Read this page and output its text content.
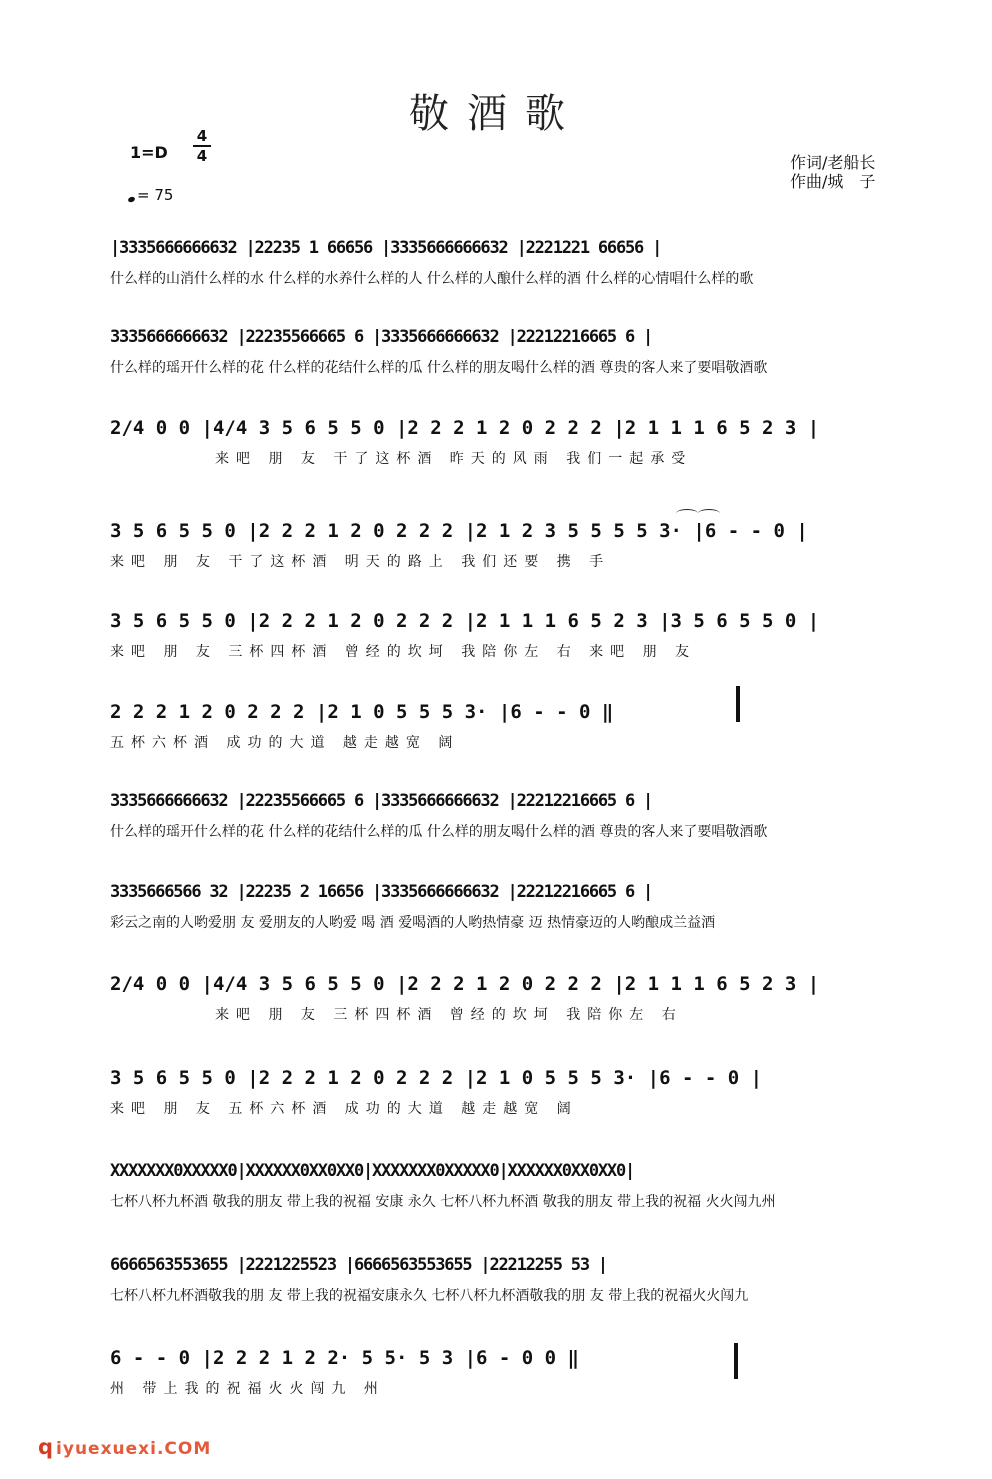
敬酒歌
1=D
4
4
= 75
作词/老船长
作曲/城　子
|3335666666632 |22235 1 66656 |3335666666632 |2221221 66656 |
什么样的山消什么样的水 什么样的水养什么样的人 什么样的人酿什么样的酒 什么样的心情唱什么样的歌
3335666666632 |22235566665 6 |3335666666632 |22212216665 6 |
什么样的瑶开什么样的花 什么样的花结什么样的瓜 什么样的朋友喝什么样的酒 尊贵的客人来了要唱敬酒歌
2/4 0 0 |4/4 3 5 6 5 5 0 |2 2 2 1 2 0 2 2 2 |2 1 1 1 6 5 2 3 |
来吧 朋 友 干了这杯酒 昨天的风雨 我们一起承受
3 5 6 5 5 0 |2 2 2 1 2 0 2 2 2 |2 1 2 3 5 5 5 5 3· |6 - - 0 |
来吧 朋 友 干了这杯酒 明天的路上 我们还要 携 手
3 5 6 5 5 0 |2 2 2 1 2 0 2 2 2 |2 1 1 1 6 5 2 3 |3 5 6 5 5 0 |
来吧 朋 友 三杯四杯酒 曾经的坎坷 我陪你左 右 来吧 朋 友
2 2 2 1 2 0 2 2 2 |2 1 0 5 5 5 3· |6 - - 0 ‖
五杯六杯酒 成功的大道 越走越宽 阔
3335666666632 |22235566665 6 |3335666666632 |22212216665 6 |
什么样的瑶开什么样的花 什么样的花结什么样的瓜 什么样的朋友喝什么样的酒 尊贵的客人来了要唱敬酒歌
3335666566 32 |22235 2 16656 |3335666666632 |22212216665 6 |
彩云之南的人哟爱朋 友 爱朋友的人哟爱 喝 酒 爱喝酒的人哟热情豪 迈 热情豪迈的人哟酿成兰益酒
2/4 0 0 |4/4 3 5 6 5 5 0 |2 2 2 1 2 0 2 2 2 |2 1 1 1 6 5 2 3 |
来吧 朋 友 三杯四杯酒 曾经的坎坷 我陪你左 右
3 5 6 5 5 0 |2 2 2 1 2 0 2 2 2 |2 1 0 5 5 5 3· |6 - - 0 |
来吧 朋 友 五杯六杯酒 成功的大道 越走越宽 阔
XXXXXXX0XXXXX0|XXXXXX0XX0XX0|XXXXXXX0XXXXX0|XXXXXX0XX0XX0|
七杯八杯九杯酒 敬我的朋友 带上我的祝福 安康 永久 七杯八杯九杯酒 敬我的朋友 带上我的祝福 火火闯九州
6666563553655 |2221225523 |6666563553655 |22212255 53 |
七杯八杯九杯酒敬我的朋 友 带上我的祝福安康永久 七杯八杯九杯酒敬我的朋 友 带上我的祝福火火闯九
6 - - 0 |2 2 2 1 2 2· 5 5· 5 3 |6 - 0 0 ‖
州 带上我的祝福火火闯九 州
q iyuexuexi.COM
